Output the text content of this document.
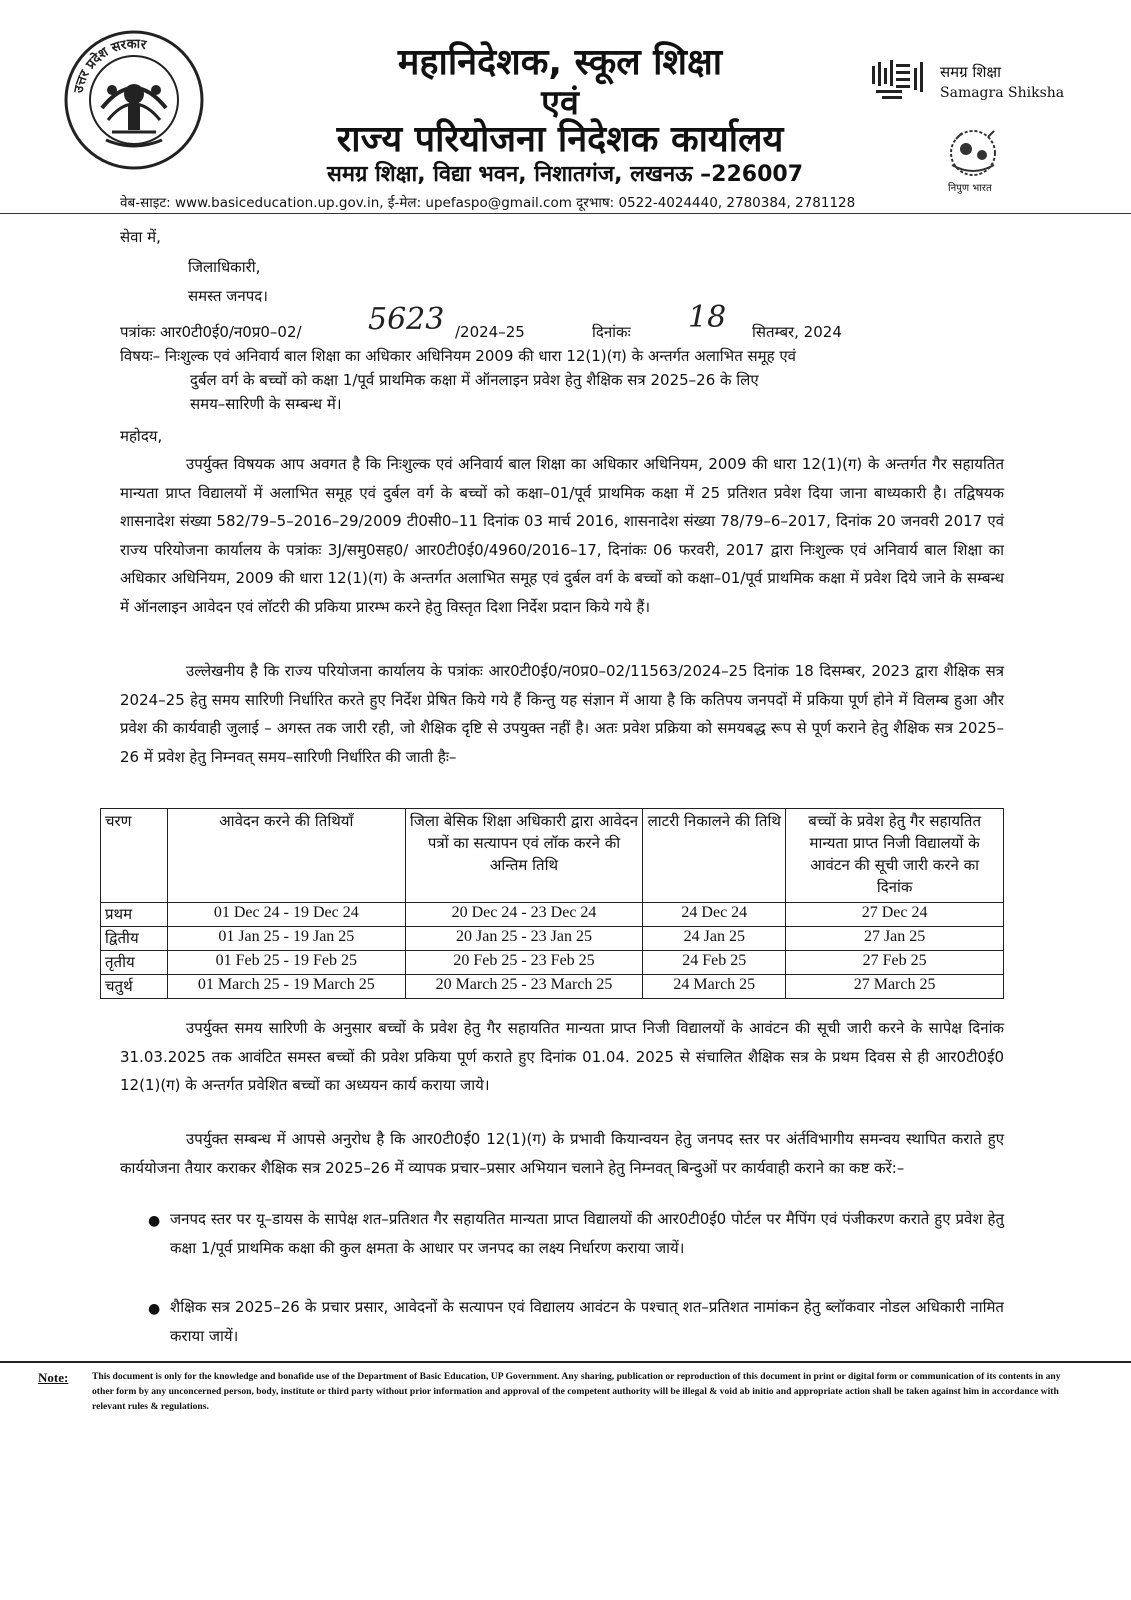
उत्तर प्रदेश सरकार	महानिदेशक, स्कूल शिक्षा
एवं
राज्य परियोजना निदेशक कार्यालय
समग्र शिक्षा, विद्या भवन, निशातगंज, लखनऊ –226007
समग्र शिक्षा
Samagra Shiksha
निपुण भारत
वेब-साइट: www.basiceducation.up.gov.in, ई-मेल: upefaspo@gmail.com दूरभाष: 0522-4024440, 2780384, 2781128
सेवा में,
जिलाधिकारी,
समस्त जनपद।
पत्रांकः आर0टी0ई0/न0प्र0–02/ 5623 /2024–25	दिनांकः 18 सितम्बर, 2024
विषयः– निःशुल्क एवं अनिवार्य बाल शिक्षा का अधिकार अधिनियम 2009 की धारा 12(1)(ग) के अन्तर्गत अलाभित समूह एवं
दुर्बल वर्ग के बच्चों को कक्षा 1/पूर्व प्राथमिक कक्षा में ऑनलाइन प्रवेश हेतु शैक्षिक सत्र 2025–26 के लिए
समय–सारिणी के सम्बन्ध में।
महोदय,
उपर्युक्त विषयक आप अवगत है कि निःशुल्क एवं अनिवार्य बाल शिक्षा का अधिकार अधिनियम, 2009 की धारा 12(1)(ग) के अन्तर्गत गैर सहायतित मान्यता प्राप्त विद्यालयों में अलाभित समूह एवं दुर्बल वर्ग के बच्चों को कक्षा–01/पूर्व प्राथमिक कक्षा में 25 प्रतिशत प्रवेश दिया जाना बाध्यकारी है। तद्विषयक शासनादेश संख्या 582/79–5–2016–29/2009 टी0सी0–11 दिनांक 03 मार्च 2016, शासनादेश संख्या 78/79–6–2017, दिनांक 20 जनवरी 2017 एवं राज्य परियोजना कार्यालय के पत्रांकः 3J/समु0सह0/ आर0टी0ई0/4960/2016–17, दिनांकः 06 फरवरी, 2017 द्वारा निःशुल्क एवं अनिवार्य बाल शिक्षा का अधिकार अधिनियम, 2009 की धारा 12(1)(ग) के अन्तर्गत अलाभित समूह एवं दुर्बल वर्ग के बच्चों को कक्षा–01/पूर्व प्राथमिक कक्षा में प्रवेश दिये जाने के सम्बन्ध में ऑनलाइन आवेदन एवं लॉटरी की प्रकिया प्रारम्भ करने हेतु विस्तृत दिशा निर्देश प्रदान किये गये हैं।
उल्लेखनीय है कि राज्य परियोजना कार्यालय के पत्रांकः आर0टी0ई0/न0प्र0–02/11563/2024–25 दिनांक 18 दिसम्बर, 2023 द्वारा शैक्षिक सत्र 2024–25 हेतु समय सारिणी निर्धारित करते हुए निर्देश प्रेषित किये गये हैं किन्तु यह संज्ञान में आया है कि कतिपय जनपदों में प्रकिया पूर्ण होने में विलम्ब हुआ और प्रवेश की कार्यवाही जुलाई – अगस्त तक जारी रही, जो शैक्षिक दृष्टि से उपयुक्त नहीं है। अतः प्रवेश प्रक्रिया को समयबद्ध रूप से पूर्ण कराने हेतु शैक्षिक सत्र 2025–26 में प्रवेश हेतु निम्नवत् समय–सारिणी निर्धारित की जाती हैः–
चरण	आवेदन करने की तिथियाँ	जिला बेसिक शिक्षा अधिकारी द्वारा आवेदन पत्रों का सत्यापन एवं लॉक करने की अन्तिम तिथि	लाटरी निकालने की तिथि	बच्चों के प्रवेश हेतु गैर सहायतित मान्यता प्राप्त निजी विद्यालयों के आवंटन की सूची जारी करने का दिनांक
प्रथम	01 Dec 24 - 19 Dec 24	20 Dec 24 - 23 Dec 24	24 Dec 24	27 Dec 24
द्वितीय	01 Jan 25 - 19 Jan 25	20 Jan 25 - 23 Jan 25	24 Jan 25	27 Jan 25
तृतीय	01 Feb 25 - 19 Feb 25	20 Feb 25 - 23 Feb 25	24 Feb 25	27 Feb 25
चतुर्थ	01 March 25 - 19 March 25	20 March 25 - 23 March 25	24 March 25	27 March 25
उपर्युक्त समय सारिणी के अनुसार बच्चों के प्रवेश हेतु गैर सहायतित मान्यता प्राप्त निजी विद्यालयों के आवंटन की सूची जारी करने के सापेक्ष दिनांक 31.03.2025 तक आवंटित समस्त बच्चों की प्रवेश प्रकिया पूर्ण कराते हुए दिनांक 01.04. 2025 से संचालित शैक्षिक सत्र के प्रथम दिवस से ही आर0टी0ई0 12(1)(ग) के अन्तर्गत प्रवेशित बच्चों का अध्ययन कार्य कराया जाये।
उपर्युक्त सम्बन्ध में आपसे अनुरोध है कि आर0टी0ई0 12(1)(ग) के प्रभावी कियान्वयन हेतु जनपद स्तर पर अंर्तविभागीय समन्वय स्थापित कराते हुए कार्ययोजना तैयार कराकर शैक्षिक सत्र 2025–26 में व्यापक प्रचार–प्रसार अभियान चलाने हेतु निम्नवत् बिन्दुओं पर कार्यवाही कराने का कष्ट करें:–
● जनपद स्तर पर यू–डायस के सापेक्ष शत–प्रतिशत गैर सहायतित मान्यता प्राप्त विद्यालयों की आर0टी0ई0 पोर्टल पर मैपिंग एवं पंजीकरण कराते हुए प्रवेश हेतु कक्षा 1/पूर्व प्राथमिक कक्षा की कुल क्षमता के आधार पर जनपद का लक्ष्य निर्धारण कराया जायें।
● शैक्षिक सत्र 2025–26 के प्रचार प्रसार, आवेदनों के सत्यापन एवं विद्यालय आवंटन के पश्चात् शत–प्रतिशत नामांकन हेतु ब्लॉकवार नोडल अधिकारी नामित कराया जायें।
Note: This document is only for the knowledge and bonafide use of the Department of Basic Education, UP Government. Any sharing, publication or reproduction of this document in print or digital form or communication of its contents in any other form by any unconcerned person, body, institute or third party without prior information and approval of the competent authority will be illegal & void ab initio and appropriate action shall be taken against him in accordance with relevant rules & regulations.
